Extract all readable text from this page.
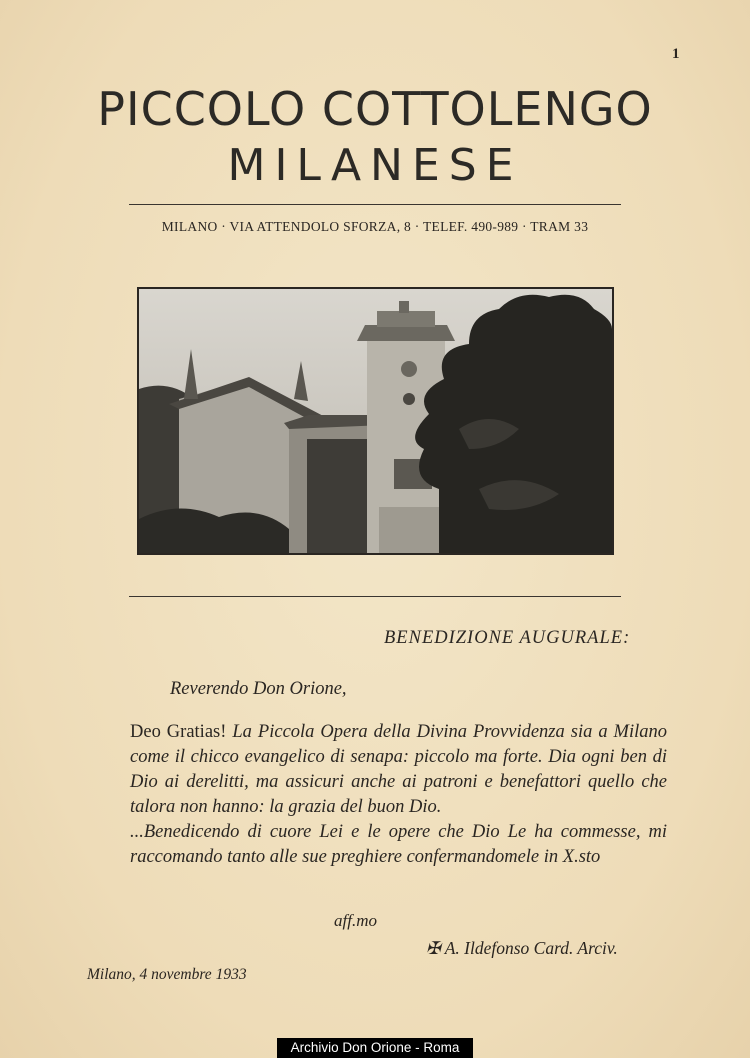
1
PICCOLO COTTOLENGO
MILANESE
MILANO · VIA ATTENDOLO SFORZA, 8 · TELEF. 490-989 · TRAM 33
BENEDIZIONE AUGURALE:
Reverendo Don Orione,

Deo Gratias! La Piccola Opera della Divina Provvidenza sia a Milano come il chicco evangelico di senapa: piccolo ma forte. Dia ogni ben di Dio ai derelitti, ma assicuri anche ai patroni e benefattori quello che talora non hanno: la grazia del buon Dio.

...Benedicendo di cuore Lei e le opere che Dio Le ha commesse, mi raccomando tanto alle sue preghiere confermandomele in X.sto

aff.mo
✠ A. Ildefonso Card. Arciv.
Milano, 4 novembre 1933
Archivio Don Orione - Roma
